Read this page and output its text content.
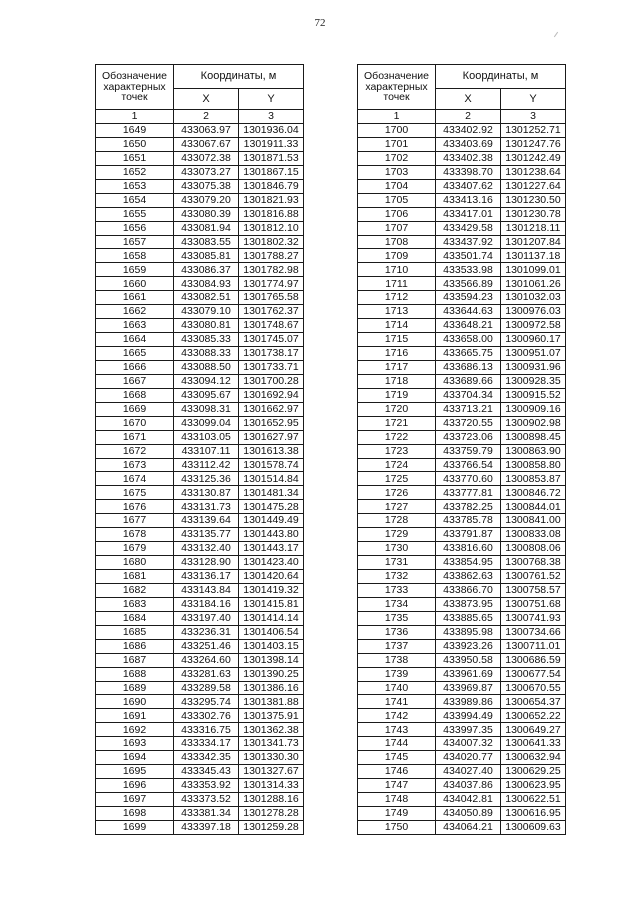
72
Обозначение характерных точек	Координаты, м	
	X	Y
1	2	3
1649	433063.97	1301936.04
1650	433067.67	1301911.33
1651	433072.38	1301871.53
1652	433073.27	1301867.15
1653	433075.38	1301846.79
1654	433079.20	1301821.93
1655	433080.39	1301816.88
1656	433081.94	1301812.10
1657	433083.55	1301802.32
1658	433085.81	1301788.27
1659	433086.37	1301782.98
1660	433084.93	1301774.97
1661	433082.51	1301765.58
1662	433079.10	1301762.37
1663	433080.81	1301748.67
1664	433085.33	1301745.07
1665	433088.33	1301738.17
1666	433088.50	1301733.71
1667	433094.12	1301700.28
1668	433095.67	1301692.94
1669	433098.31	1301662.97
1670	433099.04	1301652.95
1671	433103.05	1301627.97
1672	433107.11	1301613.38
1673	433112.42	1301578.74
1674	433125.36	1301514.84
1675	433130.87	1301481.34
1676	433131.73	1301475.28
1677	433139.64	1301449.49
1678	433135.77	1301443.80
1679	433132.40	1301443.17
1680	433128.90	1301423.40
1681	433136.17	1301420.64
1682	433143.84	1301419.32
1683	433184.16	1301415.81
1684	433197.40	1301414.14
1685	433236.31	1301406.54
1686	433251.46	1301403.15
1687	433264.60	1301398.14
1688	433281.63	1301390.25
1689	433289.58	1301386.16
1690	433295.74	1301381.88
1691	433302.76	1301375.91
1692	433316.75	1301362.38
1693	433334.17	1301341.73
1694	433342.35	1301330.30
1695	433345.43	1301327.67
1696	433353.92	1301314.33
1697	433373.52	1301288.16
1698	433381.34	1301278.28
1699	433397.18	1301259.28
Обозначение характерных точек	Координаты, м	
	X	Y
1	2	3
1700	433402.92	1301252.71
1701	433403.69	1301247.76
1702	433402.38	1301242.49
1703	433398.70	1301238.64
1704	433407.62	1301227.64
1705	433413.16	1301230.50
1706	433417.01	1301230.78
1707	433429.58	1301218.11
1708	433437.92	1301207.84
1709	433501.74	1301137.18
1710	433533.98	1301099.01
1711	433566.89	1301061.26
1712	433594.23	1301032.03
1713	433644.63	1300976.03
1714	433648.21	1300972.58
1715	433658.00	1300960.17
1716	433665.75	1300951.07
1717	433686.13	1300931.96
1718	433689.66	1300928.35
1719	433704.34	1300915.52
1720	433713.21	1300909.16
1721	433720.55	1300902.98
1722	433723.06	1300898.45
1723	433759.79	1300863.90
1724	433766.54	1300858.80
1725	433770.60	1300853.87
1726	433777.81	1300846.72
1727	433782.25	1300844.01
1728	433785.78	1300841.00
1729	433791.87	1300833.08
1730	433816.60	1300808.06
1731	433854.95	1300768.38
1732	433862.63	1300761.52
1733	433866.70	1300758.57
1734	433873.95	1300751.68
1735	433885.65	1300741.93
1736	433895.98	1300734.66
1737	433923.26	1300711.01
1738	433950.58	1300686.59
1739	433961.69	1300677.54
1740	433969.87	1300670.55
1741	433989.86	1300654.37
1742	433994.49	1300652.22
1743	433997.35	1300649.27
1744	434007.32	1300641.33
1745	434020.77	1300632.94
1746	434027.40	1300629.25
1747	434037.86	1300623.95
1748	434042.81	1300622.51
1749	434050.89	1300616.95
1750	434064.21	1300609.63
